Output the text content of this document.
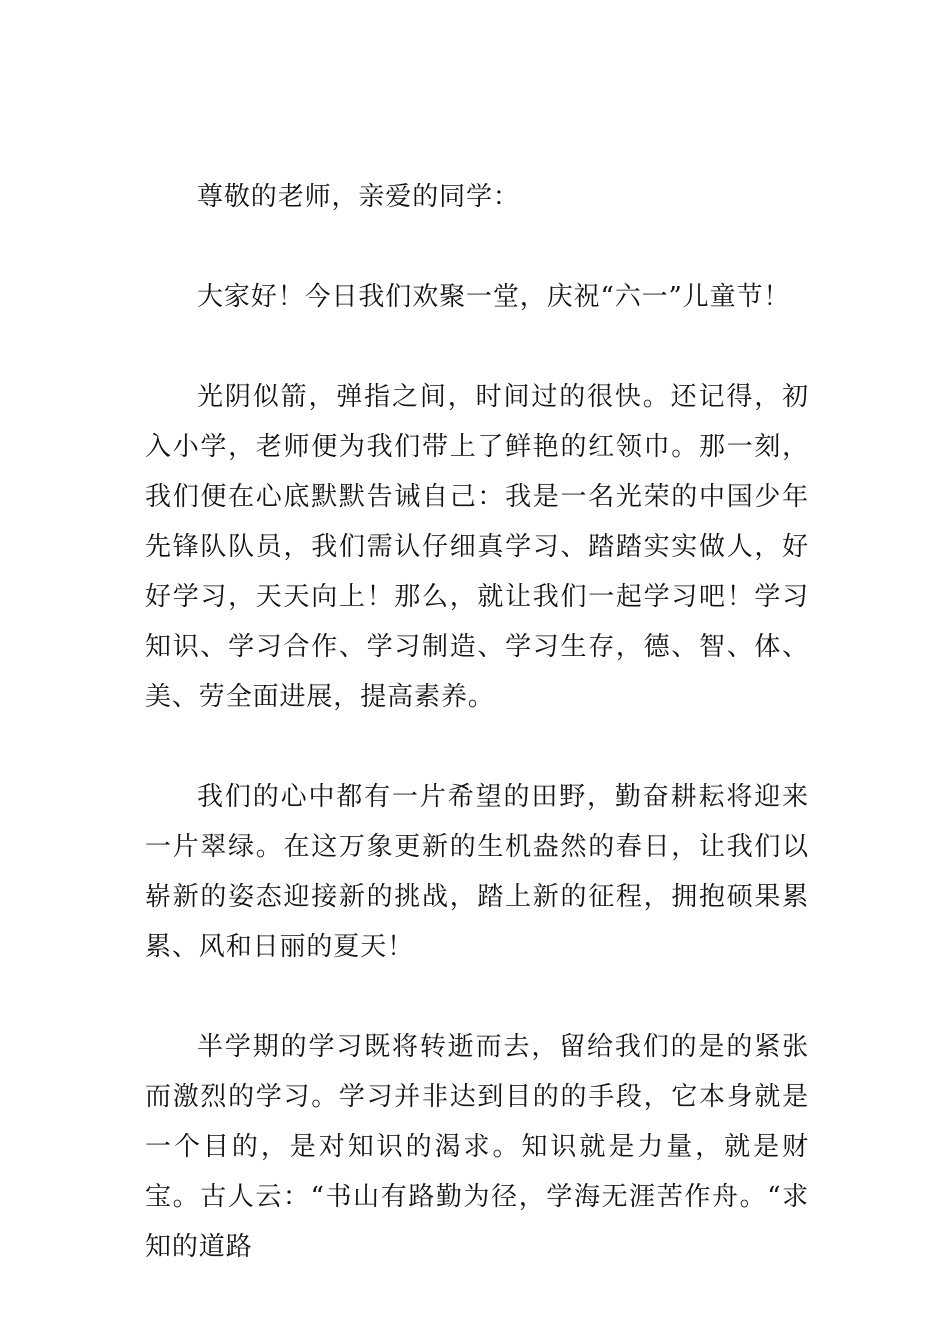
尊敬的老师，亲爱的同学：

大家好！今日我们欢聚一堂，庆祝“六一”儿童节！

光阴似箭，弹指之间，时间过的很快。还记得，初入小学，老师便为我们带上了鲜艳的红领巾。那一刻，我们便在心底默默告诫自己：我是一名光荣的中国少年先锋队队员，我们需认仔细真学习、踏踏实实做人，好好学习，天天向上！那么，就让我们一起学习吧！学习知识、学习合作、学习制造、学习生存，德、智、体、美、劳全面进展，提高素养。

我们的心中都有一片希望的田野，勤奋耕耘将迎来一片翠绿。在这万象更新的生机盎然的春日，让我们以崭新的姿态迎接新的挑战，踏上新的征程，拥抱硕果累累、风和日丽的夏天！

半学期的学习既将转逝而去，留给我们的是的紧张而激烈的学习。学习并非达到目的的手段，它本身就是一个目的，是对知识的渴求。知识就是力量，就是财宝。古人云：“书山有路勤为径，学海无涯苦作舟。“求知的道路
